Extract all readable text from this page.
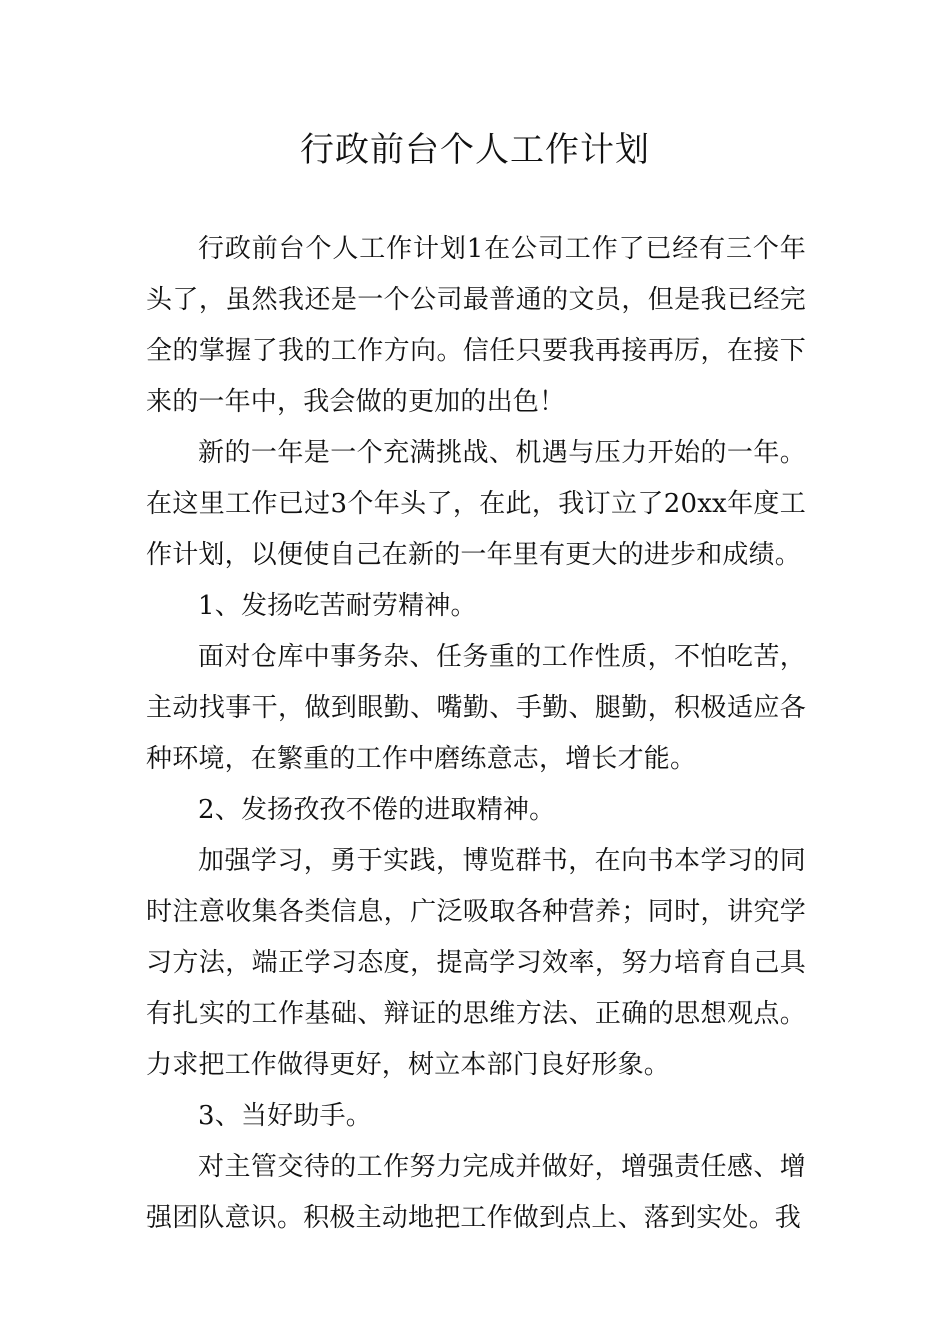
行政前台个人工作计划

行政前台个人工作计划1在公司工作了已经有三个年头了，虽然我还是一个公司最普通的文员，但是我已经完全的掌握了我的工作方向。信任只要我再接再厉，在接下来的一年中，我会做的更加的出色！

新的一年是一个充满挑战、机遇与压力开始的一年。在这里工作已过3个年头了，在此，我订立了20xx年度工作计划，以便使自己在新的一年里有更大的进步和成绩。

1、发扬吃苦耐劳精神。

面对仓库中事务杂、任务重的工作性质，不怕吃苦，主动找事干，做到眼勤、嘴勤、手勤、腿勤，积极适应各种环境，在繁重的工作中磨练意志，增长才能。

2、发扬孜孜不倦的进取精神。

加强学习，勇于实践，博览群书，在向书本学习的同时注意收集各类信息，广泛吸取各种营养；同时，讲究学习方法，端正学习态度，提高学习效率，努力培育自己具有扎实的工作基础、辩证的思维方法、正确的思想观点。力求把工作做得更好，树立本部门良好形象。

3、当好助手。

对主管交待的工作努力完成并做好，增强责任感、增强团队意识。积极主动地把工作做到点上、落到实处。我
